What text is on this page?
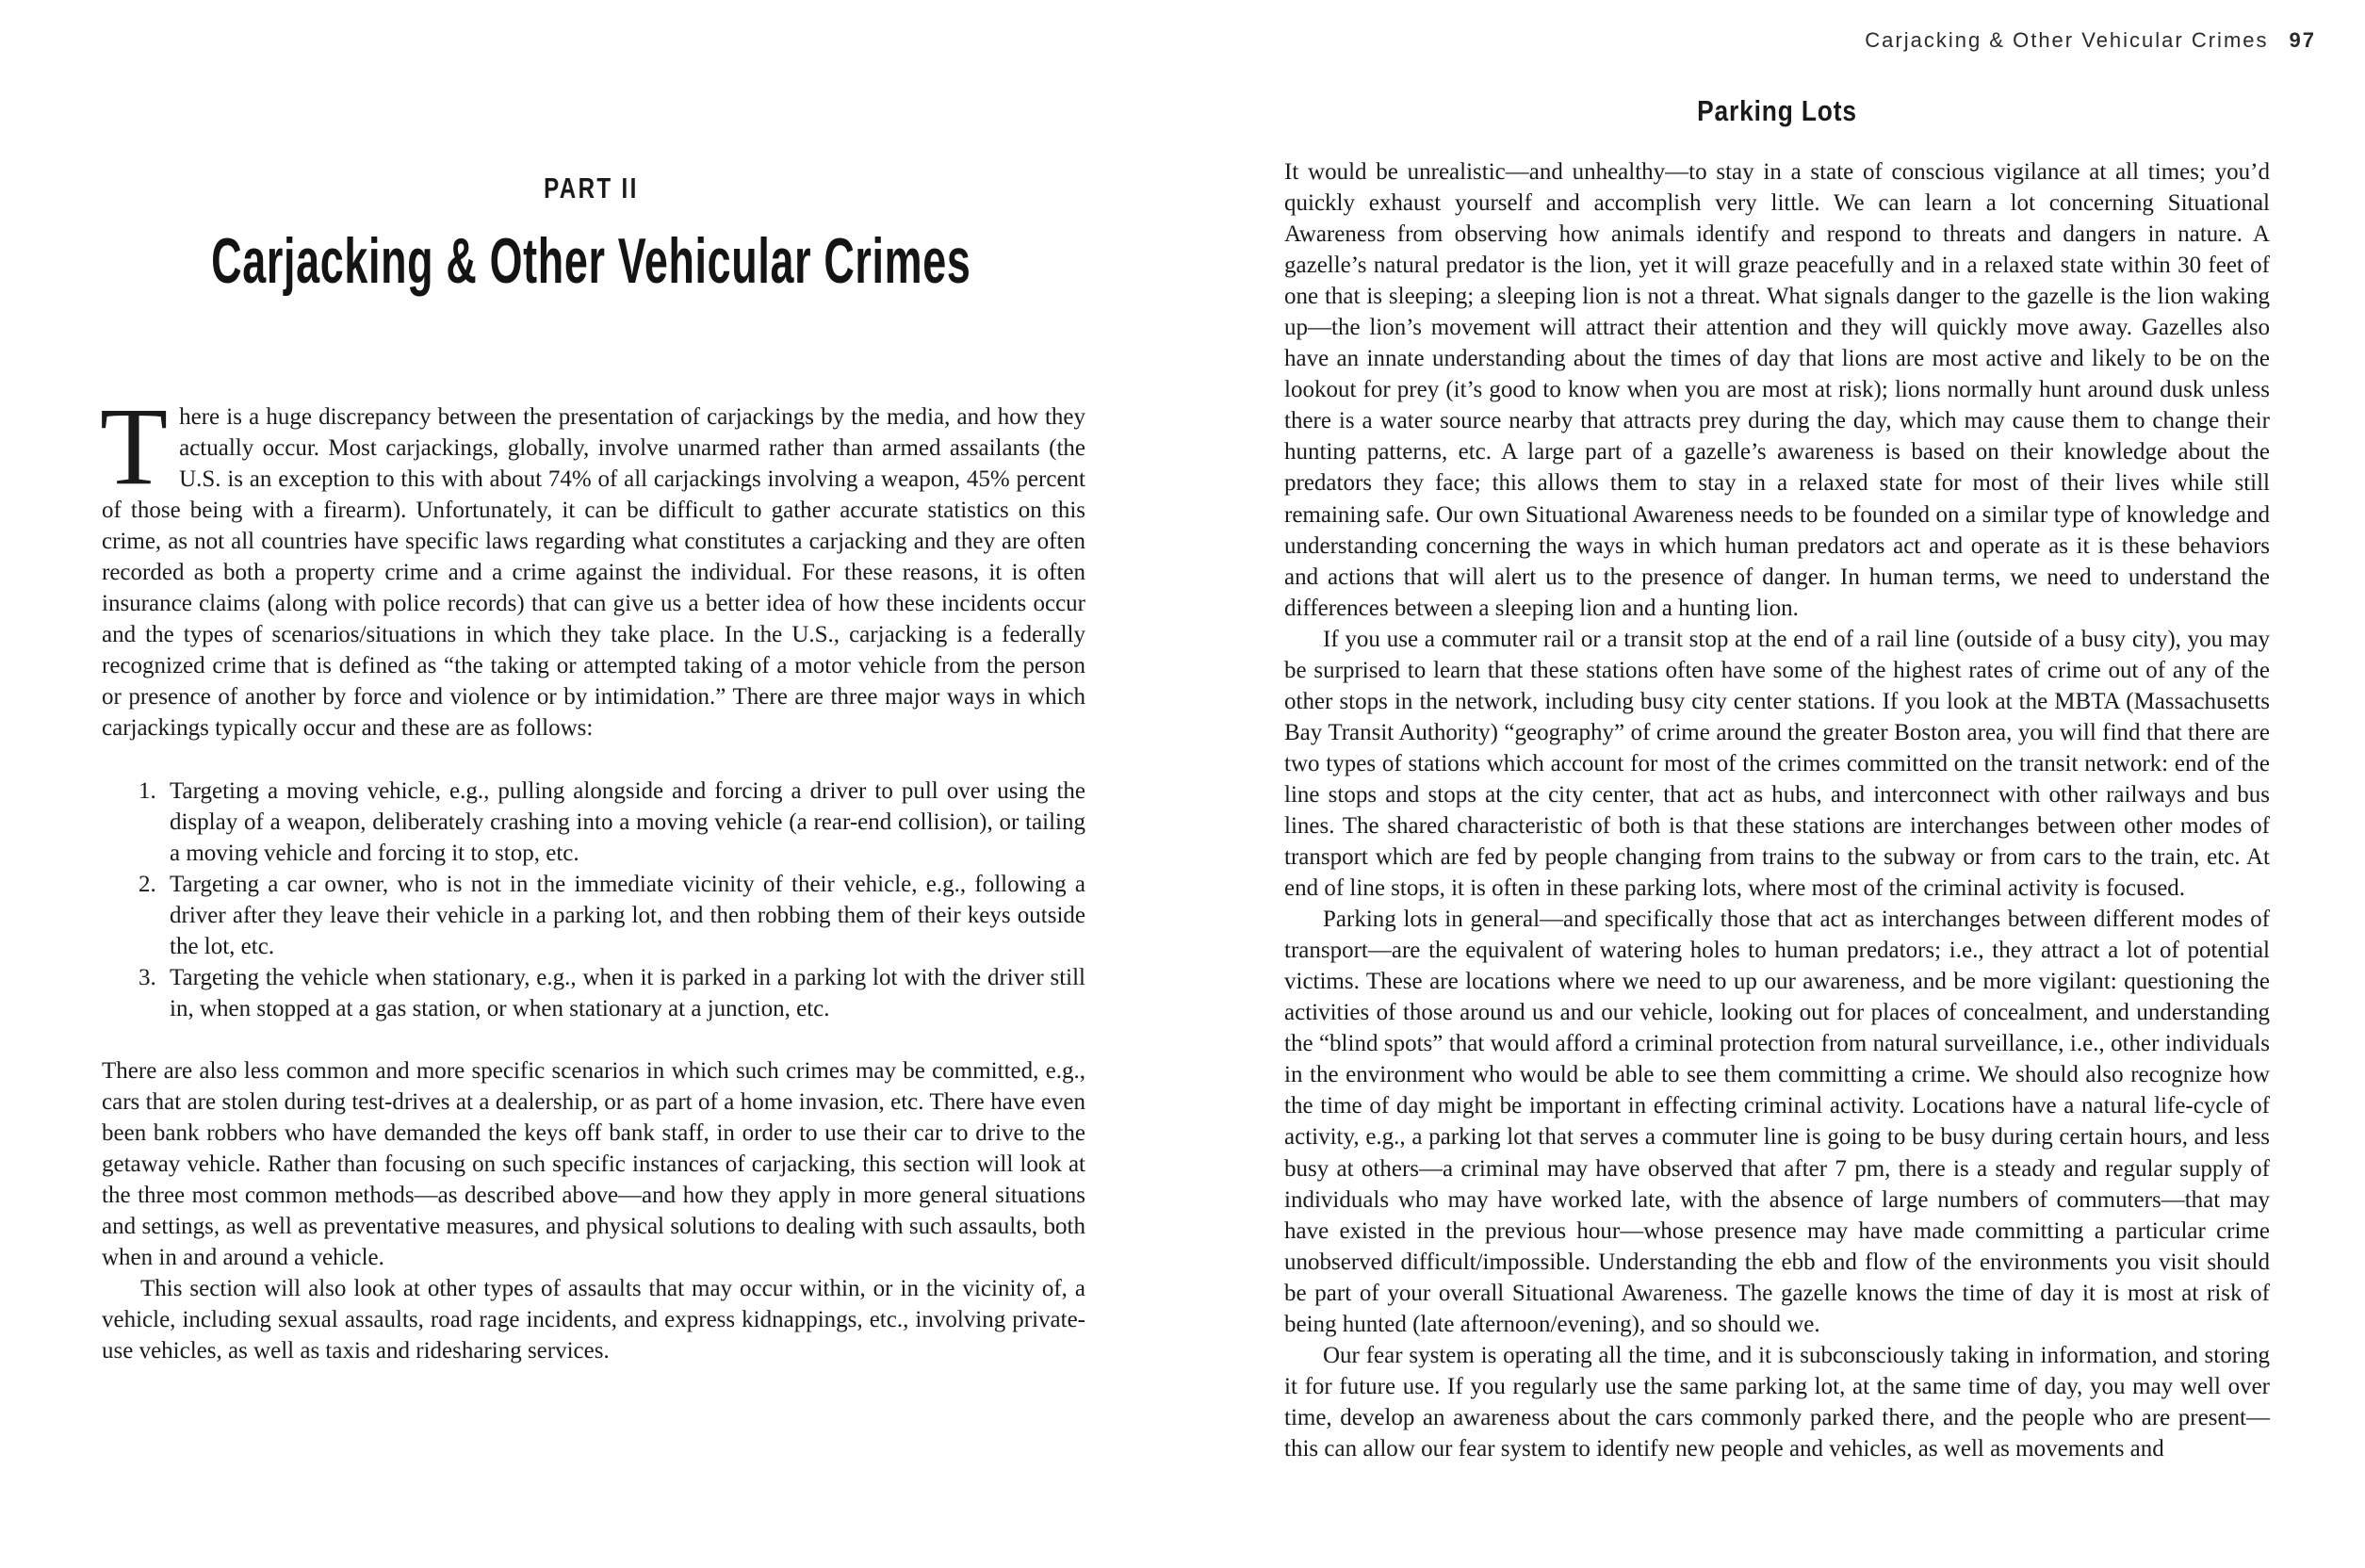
PART II
Carjacking & Other Vehicular Crimes

There is a huge discrepancy between the presentation of carjackings by the media, and how they actually occur. Most carjackings, globally, involve unarmed rather than armed assailants (the U.S. is an exception to this with about 74% of all carjackings involving a weapon, 45% percent of those being with a firearm). Unfortunately, it can be difficult to gather accurate statistics on this crime, as not all countries have specific laws regarding what constitutes a carjacking and they are often recorded as both a property crime and a crime against the individual. For these reasons, it is often insurance claims (along with police records) that can give us a better idea of how these incidents occur and the types of scenarios/situations in which they take place. In the U.S., carjacking is a federally recognized crime that is defined as “the taking or attempted taking of a motor vehicle from the person or presence of another by force and violence or by intimidation.” There are three major ways in which carjackings typically occur and these are as follows:

1. Targeting a moving vehicle, e.g., pulling alongside and forcing a driver to pull over using the display of a weapon, deliberately crashing into a moving vehicle (a rear-end collision), or tailing a moving vehicle and forcing it to stop, etc.
2. Targeting a car owner, who is not in the immediate vicinity of their vehicle, e.g., following a driver after they leave their vehicle in a parking lot, and then robbing them of their keys outside the lot, etc.
3. Targeting the vehicle when stationary, e.g., when it is parked in a parking lot with the driver still in, when stopped at a gas station, or when stationary at a junction, etc.

There are also less common and more specific scenarios in which such crimes may be committed, e.g., cars that are stolen during test-drives at a dealership, or as part of a home invasion, etc. There have even been bank robbers who have demanded the keys off bank staff, in order to use their car to drive to the getaway vehicle. Rather than focusing on such specific instances of carjacking, this section will look at the three most common methods—as described above—and how they apply in more general situations and settings, as well as preventative measures, and physical solutions to dealing with such assaults, both when in and around a vehicle.

This section will also look at other types of assaults that may occur within, or in the vicinity of, a vehicle, including sexual assaults, road rage incidents, and express kidnappings, etc., involving private-use vehicles, as well as taxis and ridesharing services.

Carjacking & Other Vehicular Crimes 97
Parking Lots

It would be unrealistic—and unhealthy—to stay in a state of conscious vigilance at all times; you’d quickly exhaust yourself and accomplish very little. We can learn a lot concerning Situational Awareness from observing how animals identify and respond to threats and dangers in nature. A gazelle’s natural predator is the lion, yet it will graze peacefully and in a relaxed state within 30 feet of one that is sleeping; a sleeping lion is not a threat. What signals danger to the gazelle is the lion waking up—the lion’s movement will attract their attention and they will quickly move away. Gazelles also have an innate understanding about the times of day that lions are most active and likely to be on the lookout for prey (it’s good to know when you are most at risk); lions normally hunt around dusk unless there is a water source nearby that attracts prey during the day, which may cause them to change their hunting patterns, etc. A large part of a gazelle’s awareness is based on their knowledge about the predators they face; this allows them to stay in a relaxed state for most of their lives while still remaining safe. Our own Situational Awareness needs to be founded on a similar type of knowledge and understanding concerning the ways in which human predators act and operate as it is these behaviors and actions that will alert us to the presence of danger. In human terms, we need to understand the differences between a sleeping lion and a hunting lion.

If you use a commuter rail or a transit stop at the end of a rail line (outside of a busy city), you may be surprised to learn that these stations often have some of the highest rates of crime out of any of the other stops in the network, including busy city center stations. If you look at the MBTA (Massachusetts Bay Transit Authority) “geography” of crime around the greater Boston area, you will find that there are two types of stations which account for most of the crimes committed on the transit network: end of the line stops and stops at the city center, that act as hubs, and interconnect with other railways and bus lines. The shared characteristic of both is that these stations are interchanges between other modes of transport which are fed by people changing from trains to the subway or from cars to the train, etc. At end of line stops, it is often in these parking lots, where most of the criminal activity is focused.

Parking lots in general—and specifically those that act as interchanges between different modes of transport—are the equivalent of watering holes to human predators; i.e., they attract a lot of potential victims. These are locations where we need to up our awareness, and be more vigilant: questioning the activities of those around us and our vehicle, looking out for places of concealment, and understanding the “blind spots” that would afford a criminal protection from natural surveillance, i.e., other individuals in the environment who would be able to see them committing a crime. We should also recognize how the time of day might be important in effecting criminal activity. Locations have a natural life-cycle of activity, e.g., a parking lot that serves a commuter line is going to be busy during certain hours, and less busy at others—a criminal may have observed that after 7 pm, there is a steady and regular supply of individuals who may have worked late, with the absence of large numbers of commuters—that may have existed in the previous hour—whose presence may have made committing a particular crime unobserved difficult/impossible. Understanding the ebb and flow of the environments you visit should be part of your overall Situational Awareness. The gazelle knows the time of day it is most at risk of being hunted (late afternoon/evening), and so should we.

Our fear system is operating all the time, and it is subconsciously taking in information, and storing it for future use. If you regularly use the same parking lot, at the same time of day, you may well over time, develop an awareness about the cars commonly parked there, and the people who are present—this can allow our fear system to identify new people and vehicles, as well as movements and
